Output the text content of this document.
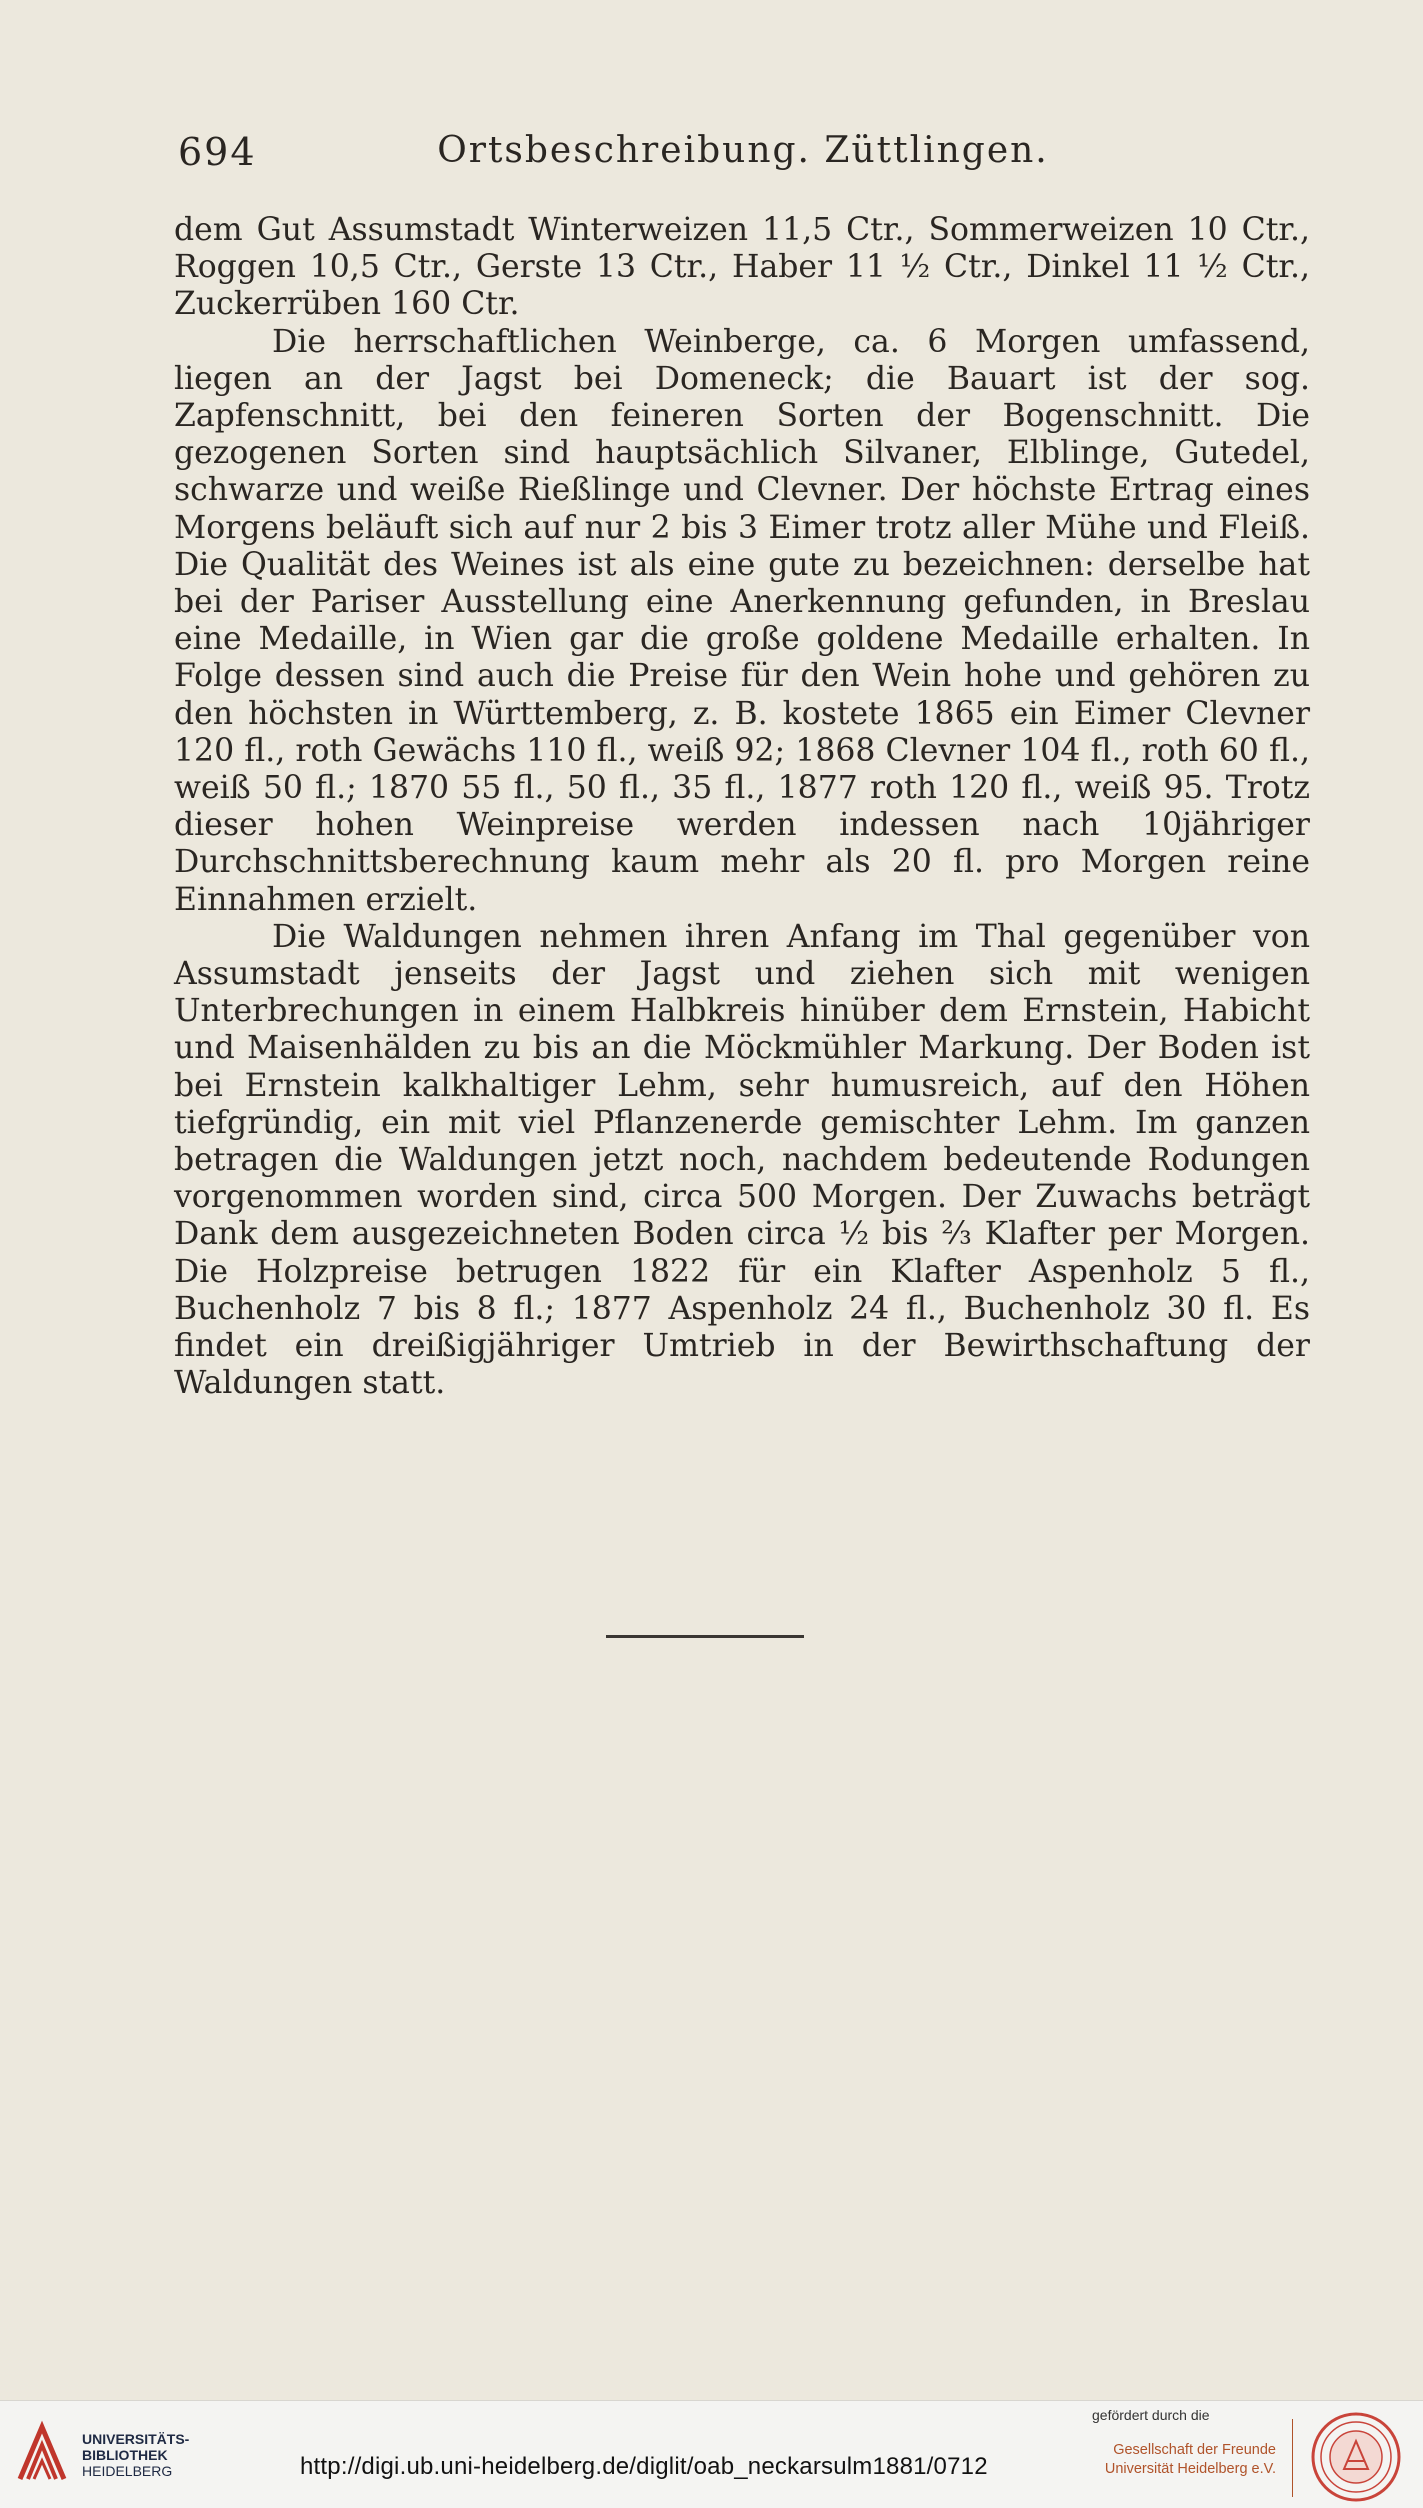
694	Ortsbeschreibung. Züttlingen.

dem Gut Assumstadt Winterweizen 11,5 Ctr., Sommerweizen 10 Ctr., Roggen 10,5 Ctr., Gerste 13 Ctr., Haber 11 ½ Ctr., Dinkel 11 ½ Ctr., Zuckerrüben 160 Ctr.

Die herrschaftlichen Weinberge, ca. 6 Morgen umfassend, liegen an der Jagst bei Domeneck; die Bauart ist der sog. Zapfenschnitt, bei den feineren Sorten der Bogenschnitt. Die gezogenen Sorten sind hauptsächlich Silvaner, Elblinge, Gutedel, schwarze und weiße Rießlinge und Clevner. Der höchste Ertrag eines Morgens beläuft sich auf nur 2 bis 3 Eimer trotz aller Mühe und Fleiß. Die Qualität des Weines ist als eine gute zu bezeichnen: derselbe hat bei der Pariser Ausstellung eine Anerkennung gefunden, in Breslau eine Medaille, in Wien gar die große goldene Medaille erhalten. In Folge dessen sind auch die Preise für den Wein hohe und gehören zu den höchsten in Württemberg, z. B. kostete 1865 ein Eimer Clevner 120 fl., roth Gewächs 110 fl., weiß 92; 1868 Clevner 104 fl., roth 60 fl., weiß 50 fl.; 1870 55 fl., 50 fl., 35 fl., 1877 roth 120 fl., weiß 95. Trotz dieser hohen Weinpreise werden indessen nach 10jähriger Durchschnittsberechnung kaum mehr als 20 fl. pro Morgen reine Einnahmen erzielt.

Die Waldungen nehmen ihren Anfang im Thal gegenüber von Assumstadt jenseits der Jagst und ziehen sich mit wenigen Unterbrechungen in einem Halbkreis hinüber dem Ernstein, Habicht und Maisenhälden zu bis an die Möckmühler Markung. Der Boden ist bei Ernstein kalkhaltiger Lehm, sehr humusreich, auf den Höhen tiefgründig, ein mit viel Pflanzenerde gemischter Lehm. Im ganzen betragen die Waldungen jetzt noch, nachdem bedeutende Rodungen vorgenommen worden sind, circa 500 Morgen. Der Zuwachs beträgt Dank dem ausgezeichneten Boden circa ½ bis ⅔ Klafter per Morgen. Die Holzpreise betrugen 1822 für ein Klafter Aspenholz 5 fl., Buchenholz 7 bis 8 fl.; 1877 Aspenholz 24 fl., Buchenholz 30 fl. Es findet ein dreißigjähriger Umtrieb in der Bewirthschaftung der Waldungen statt.

UNIVERSITÄTS-
BIBLIOTHEK
HEIDELBERG	http://digi.ub.uni-heidelberg.de/diglit/oab_neckarsulm1881/0712
gefördert durch die
Gesellschaft der Freunde
Universität Heidelberg e.V.
